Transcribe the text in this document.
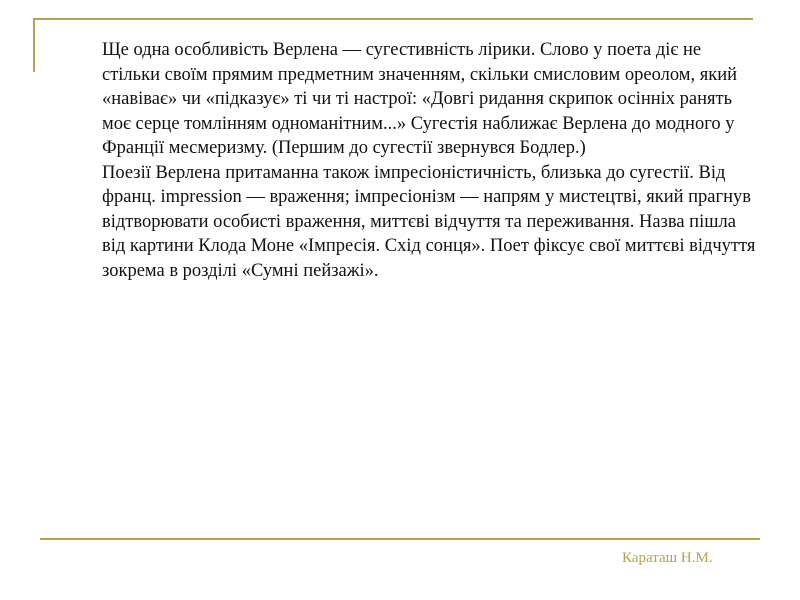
Ще одна особливість Верлена — сугестивність лірики. Слово у поета діє не стільки своїм прямим предметним значенням, скільки смисловим ореолом, який «навіває» чи «підказує» ті чи ті настрої: «Довгі ридання скрипок осінніх ранять моє серце томлінням одноманітним...» Сугестія наближає Верлена до модного у Франції месмеризму. (Першим до сугестії звернувся Бодлер.)

Поезії Верлена притаманна також імпресіоністичність, близька до сугестії. Від франц. impression — враження; імпресіонізм — напрям у мистецтві, який прагнув відтворювати особисті враження, миттєві відчуття та переживання. Назва пішла від картини Клода Моне «Імпресія. Схід сонця». Поет фіксує свої миттєві відчуття зокрема в розділі «Сумні пейзажі».

Караташ Н.М.
